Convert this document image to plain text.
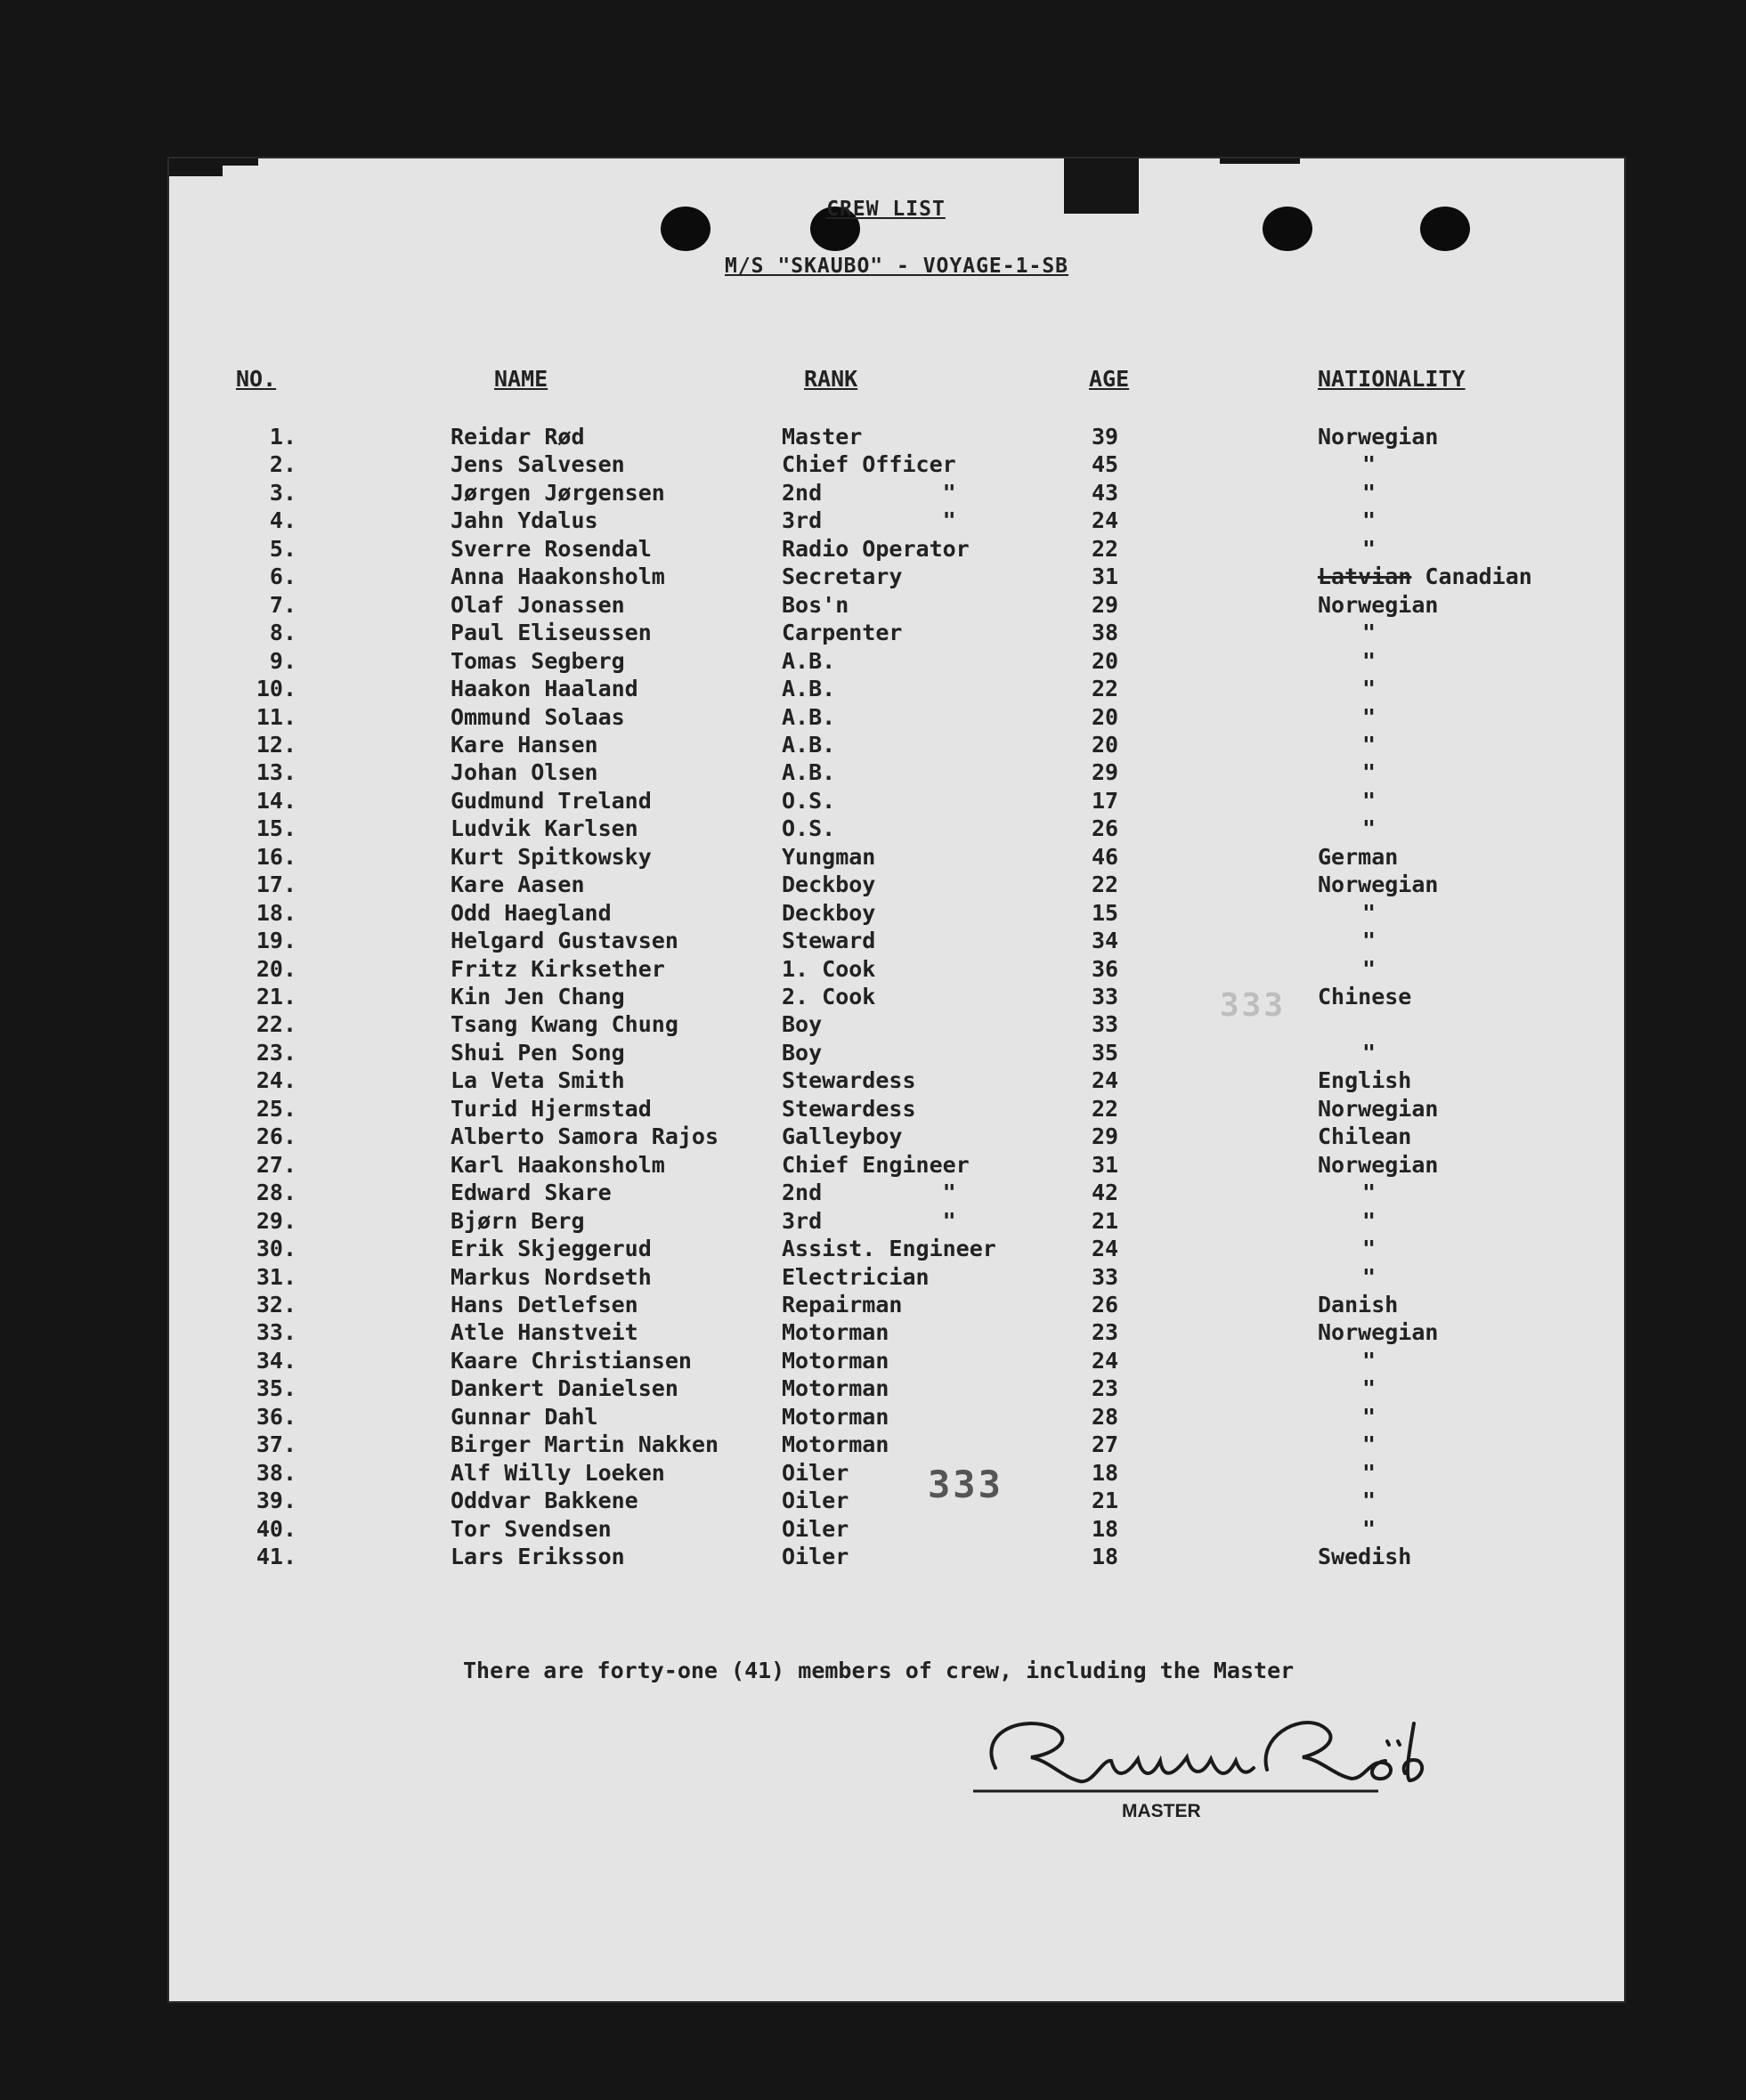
CREW LIST
M/S "SKAUBO" - VOYAGE-1-SB
NO.	NAME	RANK	AGE	NATIONALITY
1.	Reidar Rød	Master	39	Norwegian
2.	Jens Salvesen	Chief Officer	45	"
3.	Jørgen Jørgensen	2nd         "	43	"
4.	Jahn Ydalus	3rd         "	24	"
5.	Sverre Rosendal	Radio Operator	22	"
6.	Anna Haakonsholm	Secretary	31	Latvian Canadian
7.	Olaf Jonassen	Bos'n	29	Norwegian
8.	Paul Eliseussen	Carpenter	38	"
9.	Tomas Segberg	A.B.	20	"
10.	Haakon Haaland	A.B.	22	"
11.	Ommund Solaas	A.B.	20	"
12.	Kare Hansen	A.B.	20	"
13.	Johan Olsen	A.B.	29	"
14.	Gudmund Treland	O.S.	17	"
15.	Ludvik Karlsen	O.S.	26	"
16.	Kurt Spitkowsky	Yungman	46	German
17.	Kare Aasen	Deckboy	22	Norwegian
18.	Odd Haegland	Deckboy	15	"
19.	Helgard Gustavsen	Steward	34	"
20.	Fritz Kirksether	1. Cook	36	"
21.	Kin Jen Chang	2. Cook	33	Chinese
22.	Tsang Kwang Chung	Boy	33
23.	Shui Pen Song	Boy	35	"
24.	La Veta Smith	Stewardess	24	English
25.	Turid Hjermstad	Stewardess	22	Norwegian
26.	Alberto Samora Rajos	Galleyboy	29	Chilean
27.	Karl Haakonsholm	Chief Engineer	31	Norwegian
28.	Edward Skare	2nd         "	42	"
29.	Bjørn Berg	3rd         "	21	"
30.	Erik Skjeggerud	Assist. Engineer	24	"
31.	Markus Nordseth	Electrician	33	"
32.	Hans Detlefsen	Repairman	26	Danish
33.	Atle Hanstveit	Motorman	23	Norwegian
34.	Kaare Christiansen	Motorman	24	"
35.	Dankert Danielsen	Motorman	23	"
36.	Gunnar Dahl	Motorman	28	"
37.	Birger Martin Nakken	Motorman	27	"
38.	Alf Willy Loeken	Oiler	18	"
39.	Oddvar Bakkene	Oiler	21	"
40.	Tor Svendsen	Oiler	18	"
41.	Lars Eriksson	Oiler	18	Swedish
333
333
There are forty-one (41) members of crew, including the Master
MASTER
